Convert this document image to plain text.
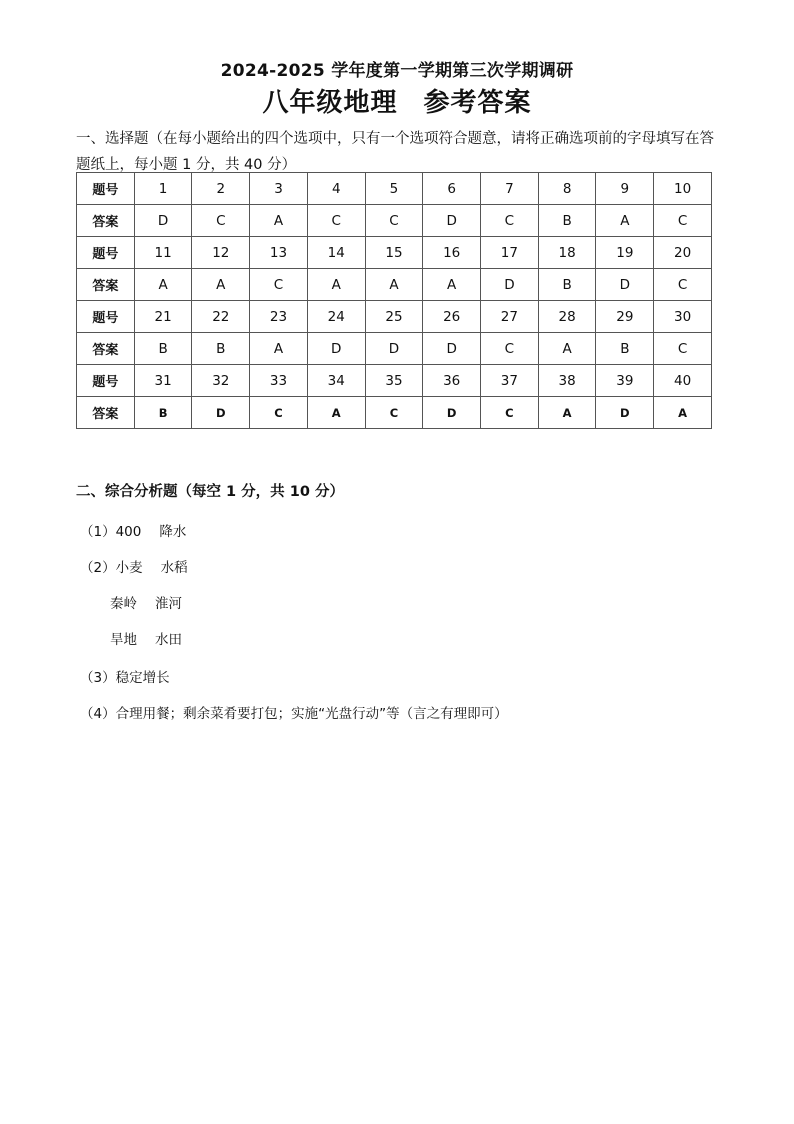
2024-2025 学年度第一学期第三次学期调研
八年级地理 参考答案
一、选择题（在每小题给出的四个选项中，只有一个选项符合题意，请将正确选项前的字母填写在答题纸上，每小题 1 分，共 40 分）
题号	1	2	3	4	5	6	7	8	9	10
答案	D	C	A	C	C	D	C	B	A	C
题号	11	12	13	14	15	16	17	18	19	20
答案	A	A	C	A	A	A	D	B	D	C
题号	21	22	23	24	25	26	27	28	29	30
答案	B	B	A	D	D	D	C	A	B	C
题号	31	32	33	34	35	36	37	38	39	40
答案	B	D	C	A	C	D	C	A	D	A
二、综合分析题（每空 1 分，共 10 分）
（1）400 降水
（2）小麦 水稻
秦岭 淮河
旱地 水田
（3）稳定增长
（4）合理用餐；剩余菜肴要打包；实施“光盘行动”等（言之有理即可）
